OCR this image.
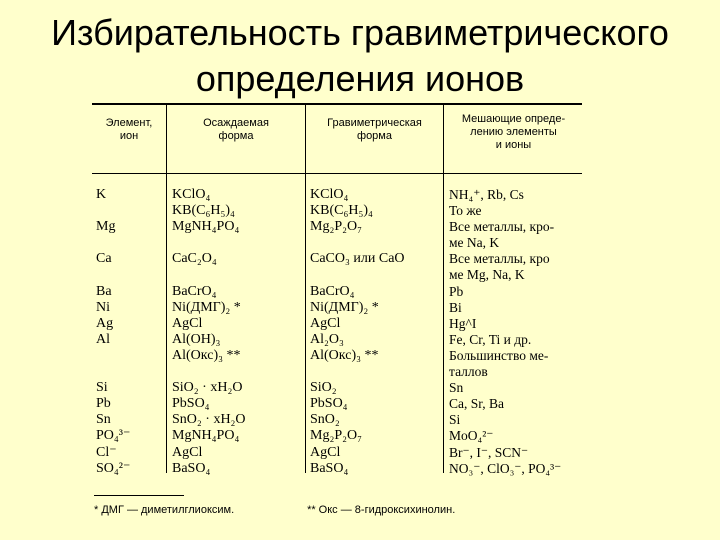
Избирательность гравиметрического
определения ионов
Элемент,
ион
Осаждаемая
форма
Гравиметрическая
форма
Мешающие опреде-
лению элементы
и ионы
K
Mg
Ca
Ba
Ni
Ag
Al
Si
Pb
Sn
PO₄³⁻
Cl⁻
SO₄²⁻
KClO₄
KB(C₆H₅)₄
MgNH₄PO₄
CaC₂O₄
BaCrO₄
Ni(ДМГ)₂ *
AgCl
Al(OH)₃
Al(Окс)₃ **
SiO₂ · xH₂O
PbSO₄
SnO₂ · xH₂O
MgNH₄PO₄
AgCl
BaSO₄
KClO₄
KB(C₆H₅)₄
Mg₂P₂O₇
CaCO₃ или CaO
BaCrO₄
Ni(ДМГ)₂ *
AgCl
Al₂O₃
Al(Окс)₃ **
SiO₂
PbSO₄
SnO₂
Mg₂P₂O₇
AgCl
BaSO₄
NH₄⁺, Rb, Cs
То же
Все металлы, кро-
ме Na, K
Все металлы, кро
ме Mg, Na, K
Pb
Bi
Hg^I
Fe, Cr, Ti и др.
Большинство ме-
таллов
Sn
Ca, Sr, Ba
Si
MoO₄²⁻
Br⁻, I⁻, SCN⁻
NO₃⁻, ClO₃⁻, PO₄³⁻
* ДМГ — диметилглиоксим.	** Окс — 8-гидроксихинолин.
